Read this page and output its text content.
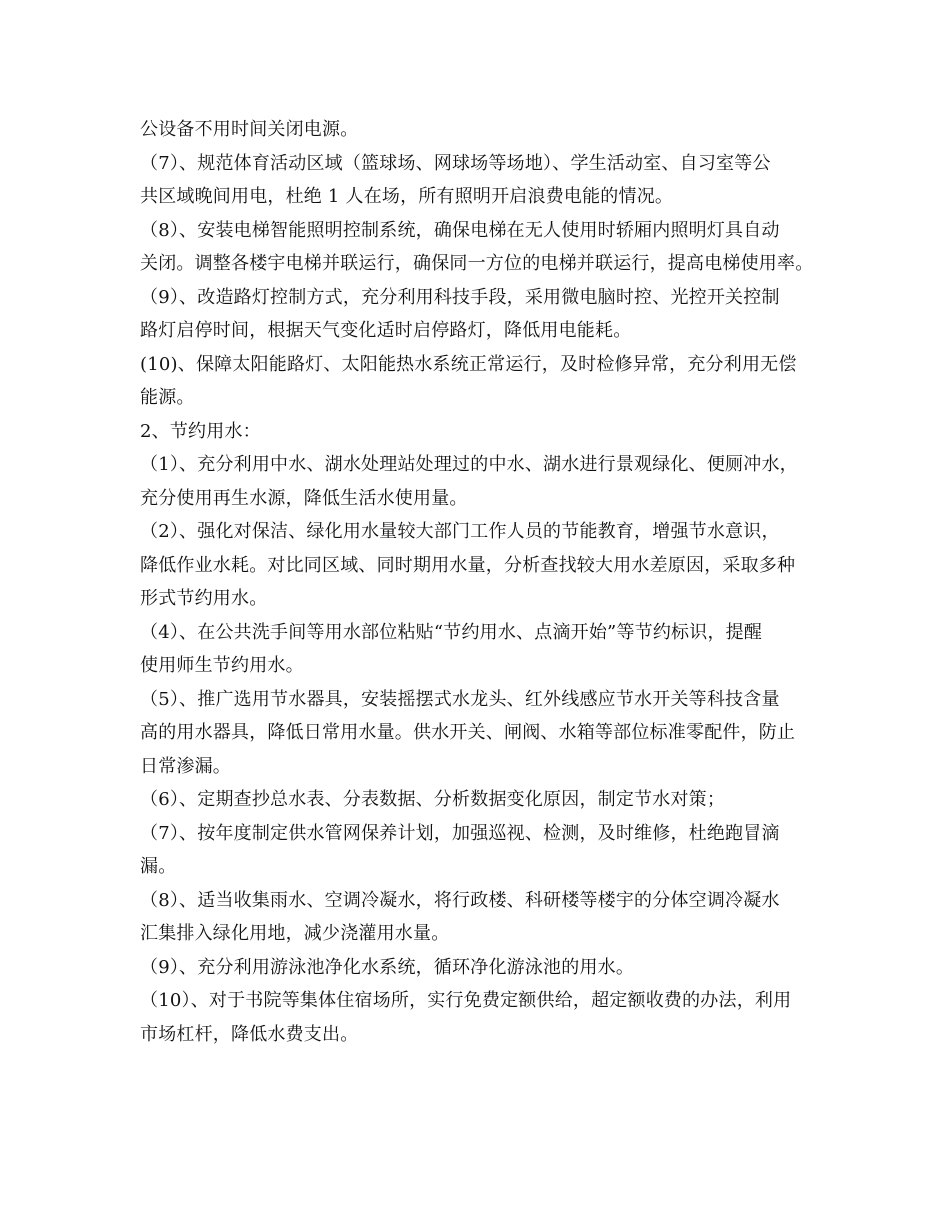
公设备不用时间关闭电源。
（7）、规范体育活动区域（篮球场、网球场等场地）、学生活动室、自习室等公
共区域晚间用电，杜绝 1 人在场，所有照明开启浪费电能的情况。
（8）、安装电梯智能照明控制系统，确保电梯在无人使用时轿厢内照明灯具自动
关闭。调整各楼宇电梯并联运行，确保同一方位的电梯并联运行，提高电梯使用率。
（9）、改造路灯控制方式，充分利用科技手段，采用微电脑时控、光控开关控制
路灯启停时间，根据天气变化适时启停路灯，降低用电能耗。
(10)、保障太阳能路灯、太阳能热水系统正常运行，及时检修异常，充分利用无偿
能源。
2、节约用水：
（1）、充分利用中水、湖水处理站处理过的中水、湖水进行景观绿化、便厕冲水，
充分使用再生水源，降低生活水使用量。
（2）、强化对保洁、绿化用水量较大部门工作人员的节能教育，增强节水意识，
降低作业水耗。对比同区域、同时期用水量，分析查找较大用水差原因，采取多种
形式节约用水。
（4）、在公共洗手间等用水部位粘贴“节约用水、点滴开始”等节约标识，提醒
使用师生节约用水。
（5）、推广选用节水器具，安装摇摆式水龙头、红外线感应节水开关等科技含量
高的用水器具，降低日常用水量。供水开关、闸阀、水箱等部位标准零配件，防止
日常渗漏。
（6）、定期查抄总水表、分表数据、分析数据变化原因，制定节水对策；
（7）、按年度制定供水管网保养计划，加强巡视、检测，及时维修，杜绝跑冒滴
漏。
（8）、适当收集雨水、空调冷凝水，将行政楼、科研楼等楼宇的分体空调冷凝水
汇集排入绿化用地，减少浇灌用水量。
（9）、充分利用游泳池净化水系统，循环净化游泳池的用水。
（10）、对于书院等集体住宿场所，实行免费定额供给，超定额收费的办法，利用
市场杠杆，降低水费支出。
